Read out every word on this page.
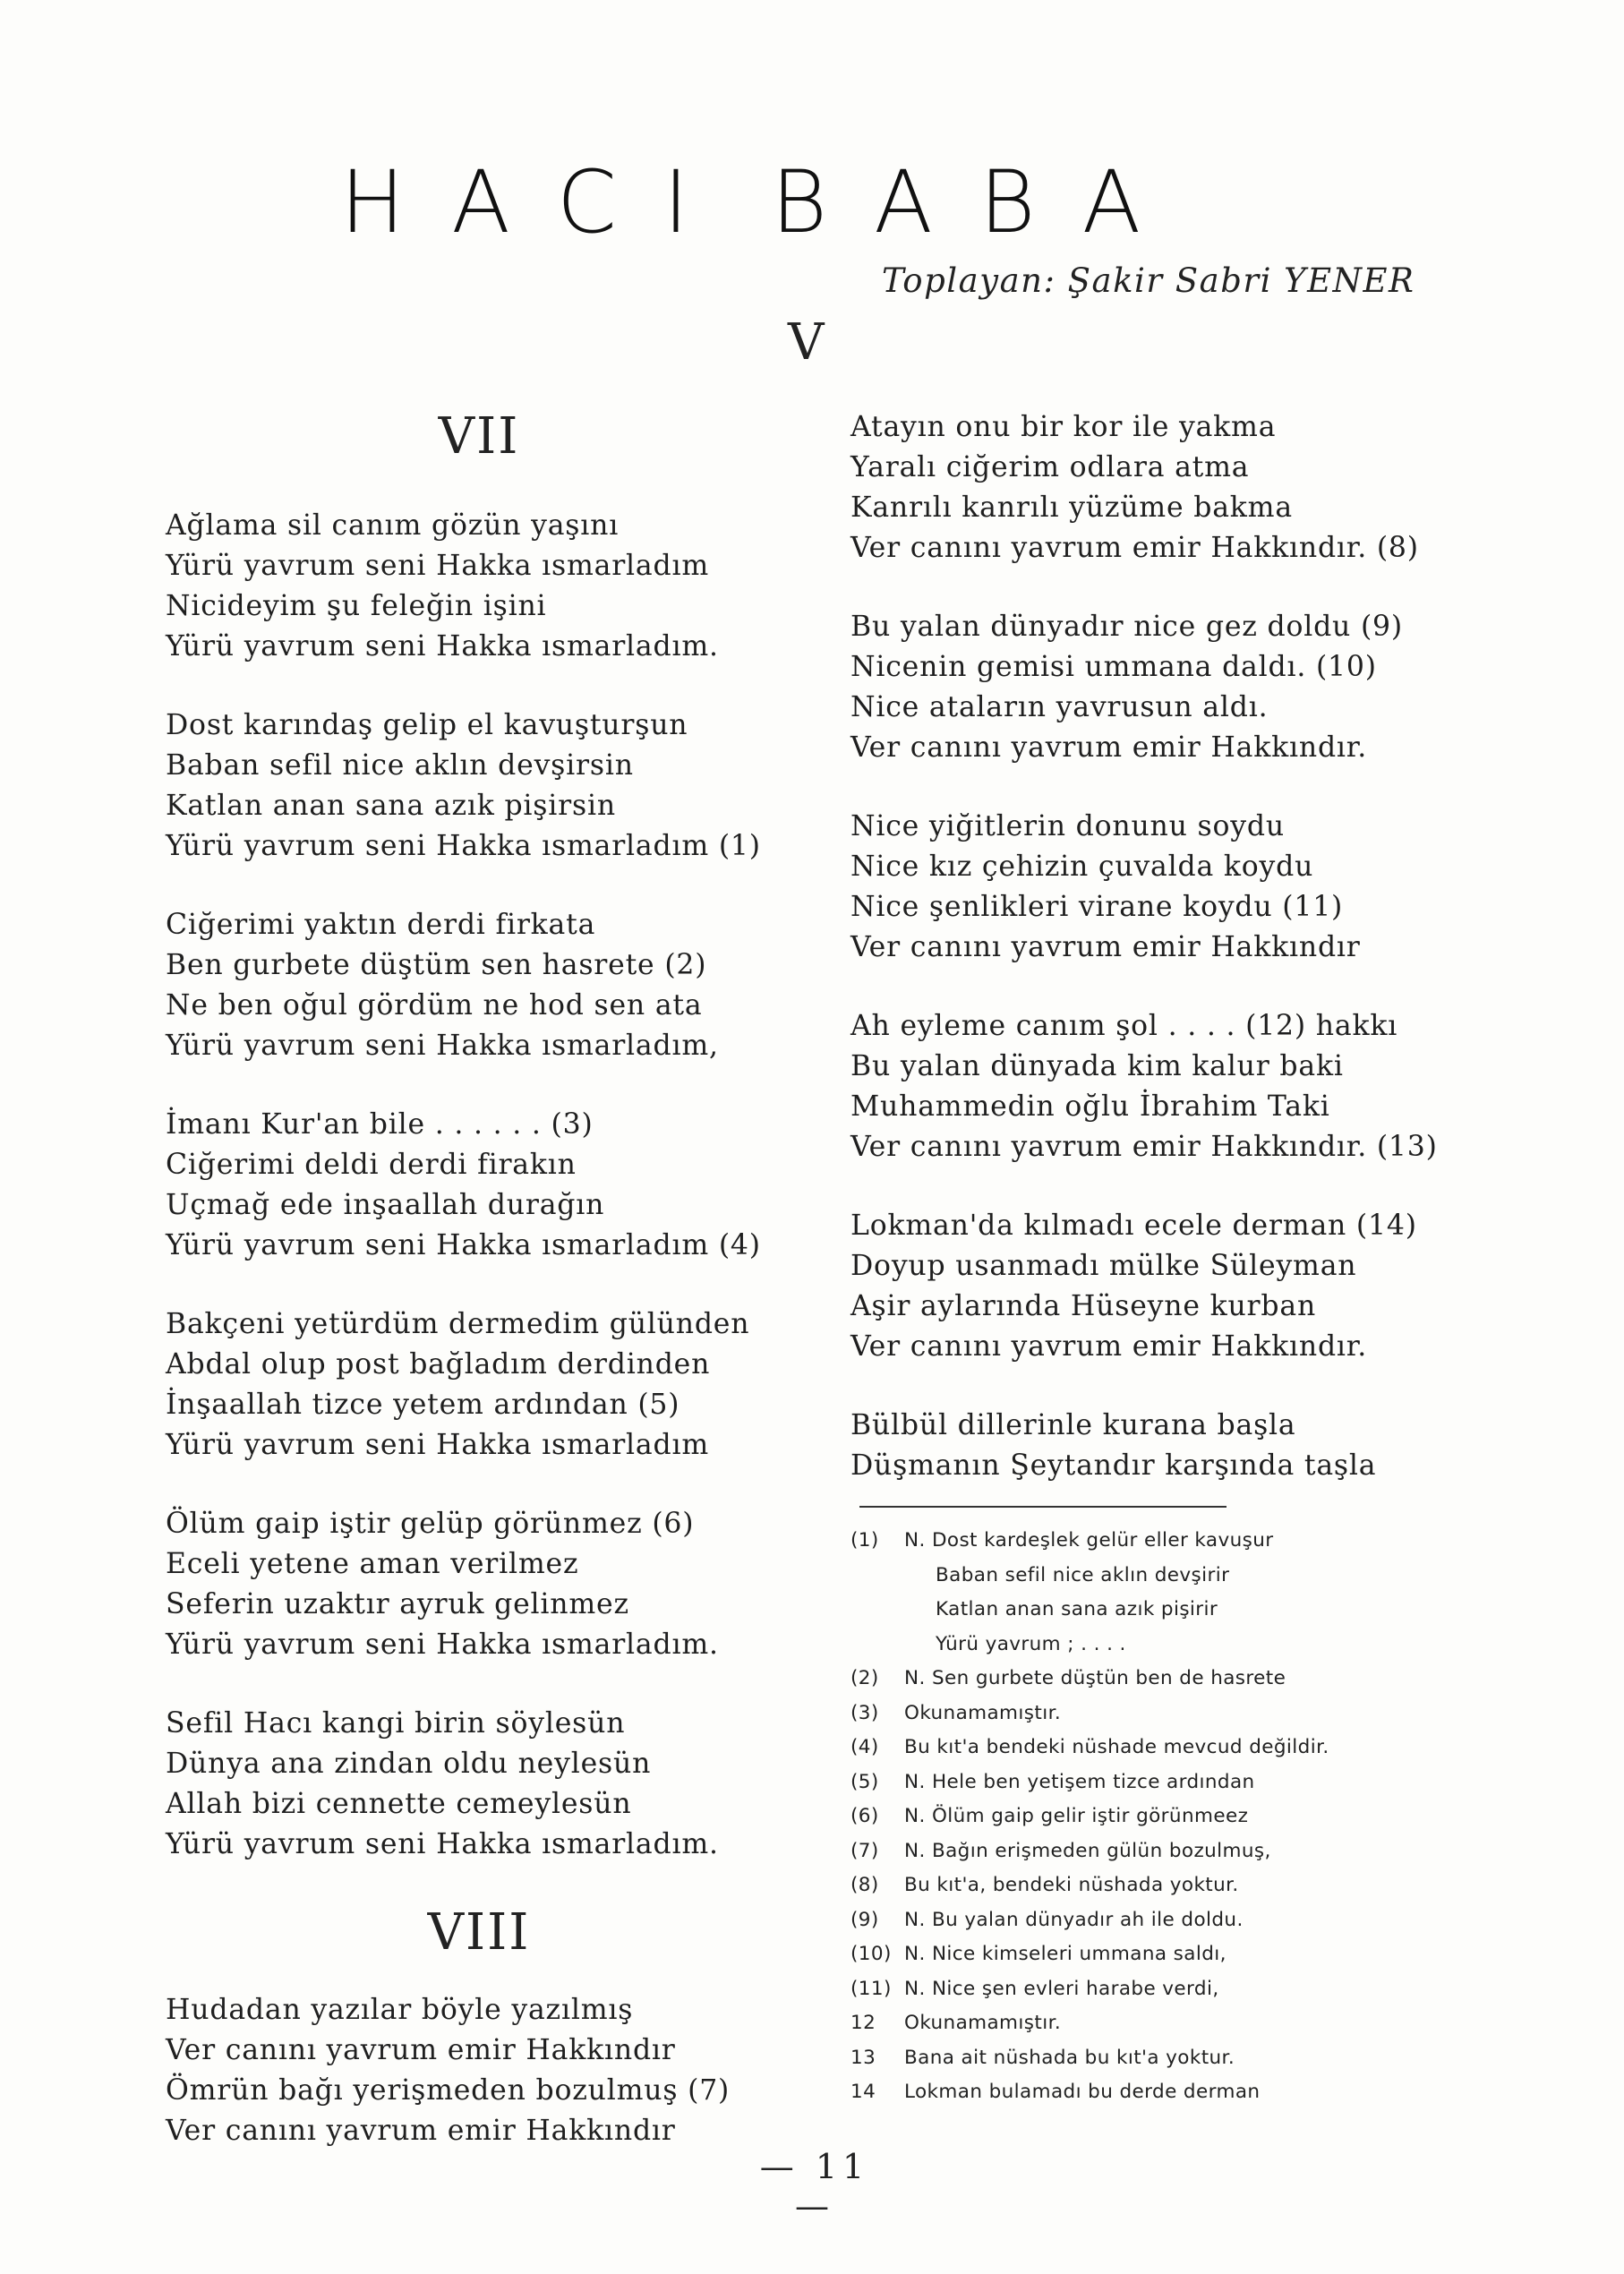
HACI BABA
Toplayan: Şakir Sabri YENER
V
VII
Ağlama sil canım gözün yaşını
Yürü yavrum seni Hakka ısmarladım
Nicideyim şu feleğin işini
Yürü yavrum seni Hakka ısmarladım.
Dost karındaş gelip el kavuşturşun
Baban sefil nice aklın devşirsin
Katlan anan sana azık pişirsin
Yürü yavrum seni Hakka ısmarladım (1)
Ciğerimi yaktın derdi firkata
Ben gurbete düştüm sen hasrete (2)
Ne ben oğul gördüm ne hod sen ata
Yürü yavrum seni Hakka ısmarladım,
İmanı Kur'an bile . . . . . . (3)
Ciğerimi deldi derdi firakın
Uçmağ ede inşaallah durağın
Yürü yavrum seni Hakka ısmarladım (4)
Bakçeni yetürdüm dermedim gülünden
Abdal olup post bağladım derdinden
İnşaallah tizce yetem ardından (5)
Yürü yavrum seni Hakka ısmarladım
Ölüm gaip iştir gelüp görünmez (6)
Eceli yetene aman verilmez
Seferin uzaktır ayruk gelinmez
Yürü yavrum seni Hakka ısmarladım.
Sefil Hacı kangi birin söylesün
Dünya ana zindan oldu neylesün
Allah bizi cennette cemeylesün
Yürü yavrum seni Hakka ısmarladım.
VIII
Hudadan yazılar böyle yazılmış
Ver canını yavrum emir Hakkındır
Ömrün bağı yerişmeden bozulmuş (7)
Ver canını yavrum emir Hakkındır
Atayın onu bir kor ile yakma
Yaralı ciğerim odlara atma
Kanrılı kanrılı yüzüme bakma
Ver canını yavrum emir Hakkındır. (8)
Bu yalan dünyadır nice gez doldu (9)
Nicenin gemisi ummana daldı. (10)
Nice ataların yavrusun aldı.
Ver canını yavrum emir Hakkındır.
Nice yiğitlerin donunu soydu
Nice kız çehizin çuvalda koydu
Nice şenlikleri virane koydu (11)
Ver canını yavrum emir Hakkındır
Ah eyleme canım şol . . . . (12) hakkı
Bu yalan dünyada kim kalur baki
Muhammedin oğlu İbrahim Taki
Ver canını yavrum emir Hakkındır. (13)
Lokman'da kılmadı ecele derman (14)
Doyup usanmadı mülke Süleyman
Aşir aylarında Hüseyne kurban
Ver canını yavrum emir Hakkındır.
Bülbül dillerinle kurana başla
Düşmanın Şeytandır karşında taşla
(1) N. Dost kardeşlek gelür eller kavuşur
Baban sefil nice aklın devşirir
Katlan anan sana azık pişirir
Yürü yavrum ; . . . .
(2) N. Sen gurbete düştün ben de hasrete
(3) Okunamamıştır.
(4) Bu kıt'a bendeki nüshade mevcud değildir.
(5) N. Hele ben yetişem tizce ardından
(6) N. Ölüm gaip gelir iştir görünmeez
(7) N. Bağın erişmeden gülün bozulmuş,
(8) Bu kıt'a, bendeki nüshada yoktur.
(9) N. Bu yalan dünyadır ah ile doldu.
(10) N. Nice kimseleri ummana saldı,
(11) N. Nice şen evleri harabe verdi,
12 Okunamamıştır.
13 Bana ait nüshada bu kıt'a yoktur.
14 Lokman bulamadı bu derde derman
— 11 —
